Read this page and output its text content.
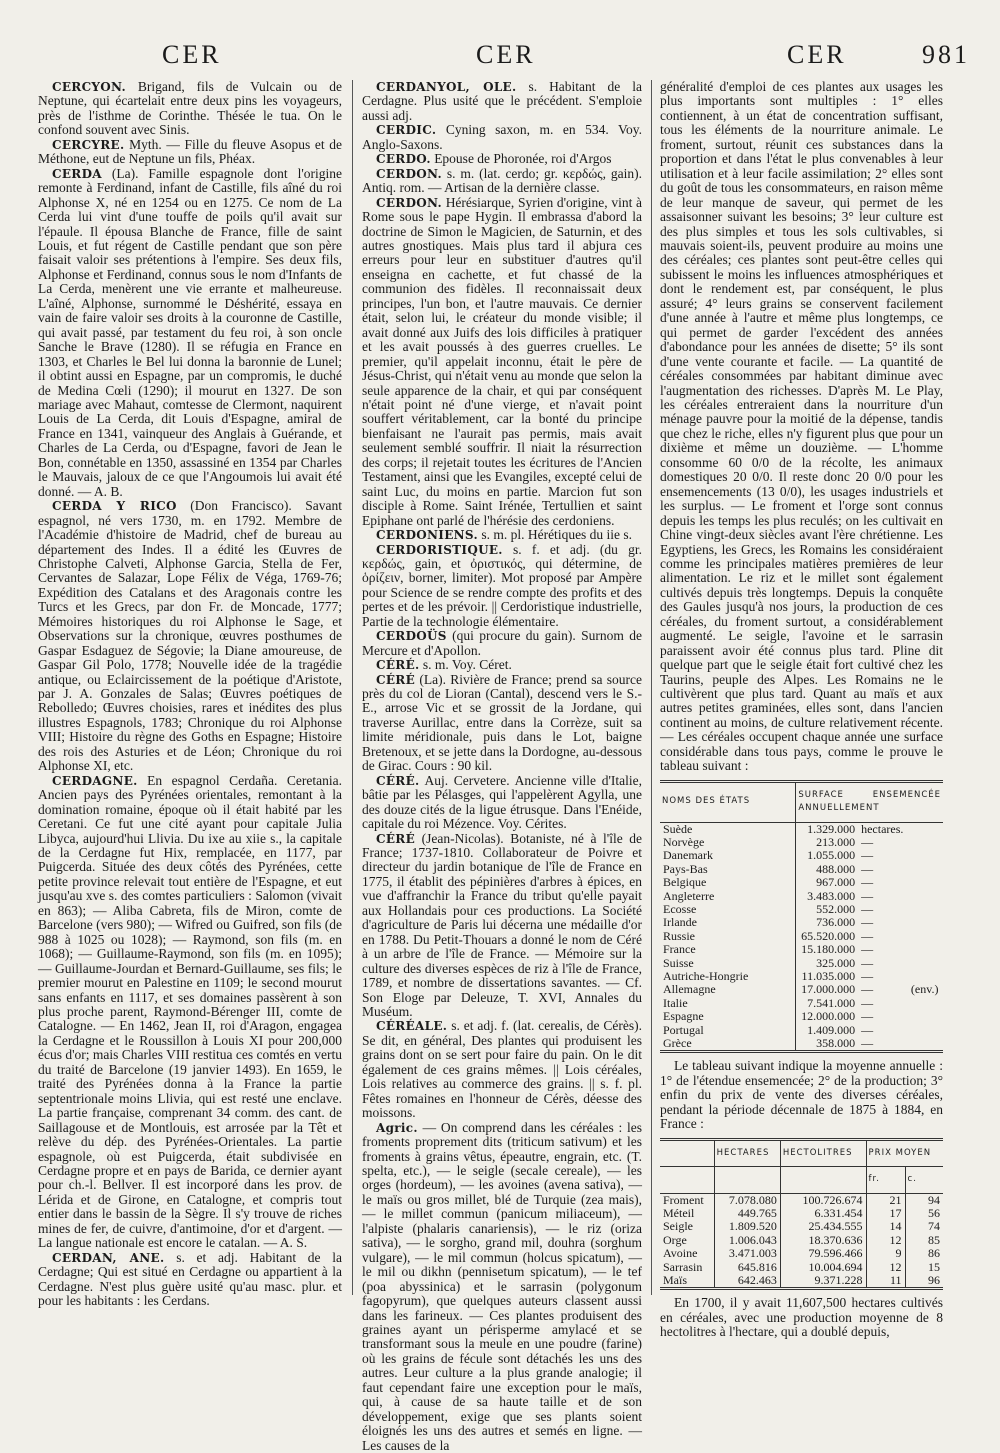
CER	CER	CER	981

CERCYON. Brigand, fils de Vulcain ou de Neptune, qui écartelait entre deux pins les voyageurs, près de l'isthme de Corinthe. Thésée le tua. On le confond souvent avec Sinis.

CERCYRE. Myth. — Fille du fleuve Asopus et de Méthone, eut de Neptune un fils, Phéax.

CERDA (La). Famille espagnole dont l'origine remonte à Ferdinand, infant de Castille, fils aîné du roi Alphonse X, né en 1254 ou en 1275. Ce nom de La Cerda lui vint d'une touffe de poils qu'il avait sur l'épaule. Il épousa Blanche de France, fille de saint Louis, et fut régent de Castille pendant que son père faisait valoir ses prétentions à l'empire. Ses deux fils, Alphonse et Ferdinand, connus sous le nom d'Infants de La Cerda, menèrent une vie errante et malheureuse. L'aîné, Alphonse, surnommé le Déshérité, essaya en vain de faire valoir ses droits à la couronne de Castille, qui avait passé, par testament du feu roi, à son oncle Sanche le Brave (1280). Il se réfugia en France en 1303, et Charles le Bel lui donna la baronnie de Lunel; il obtint aussi en Espagne, par un compromis, le duché de Medina Cœli (1290); il mourut en 1327. De son mariage avec Mahaut, comtesse de Clermont, naquirent Louis de La Cerda, dit Louis d'Espagne, amiral de France en 1341, vainqueur des Anglais à Guérande, et Charles de La Cerda, ou d'Espagne, favori de Jean le Bon, connétable en 1350, assassiné en 1354 par Charles le Mauvais, jaloux de ce que l'Angoumois lui avait été donné. — A. B.

CERDA Y RICO (Don Francisco). Savant espagnol, né vers 1730, m. en 1792. Membre de l'Académie d'histoire de Madrid, chef de bureau au département des Indes. Il a édité les Œuvres de Christophe Calveti, Alphonse Garcia, Stella de Fer, Cervantes de Salazar, Lope Félix de Véga, 1769-76; Expédition des Catalans et des Aragonais contre les Turcs et les Grecs, par don Fr. de Moncade, 1777; Mémoires historiques du roi Alphonse le Sage, et Observations sur la chronique, œuvres posthumes de Gaspar Esdaguez de Ségovie; la Diane amoureuse, de Gaspar Gil Polo, 1778; Nouvelle idée de la tragédie antique, ou Eclaircissement de la poétique d'Aristote, par J. A. Gonzales de Salas; Œuvres poétiques de Rebolledo; Œuvres choisies, rares et inédites des plus illustres Espagnols, 1783; Chronique du roi Alphonse VIII; Histoire du règne des Goths en Espagne; Histoire des rois des Asturies et de Léon; Chronique du roi Alphonse XI, etc.

CERDAGNE. En espagnol Cerdaña. Ceretania. Ancien pays des Pyrénées orientales, remontant à la domination romaine, époque où il était habité par les Ceretani. Ce fut une cité ayant pour capitale Julia Libyca, aujourd'hui Llivia. Du ixe au xiie s., la capitale de la Cerdagne fut Hix, remplacée, en 1177, par Puigcerda. Située des deux côtés des Pyrénées, cette petite province relevait tout entière de l'Espagne, et eut jusqu'au xve s. des comtes particuliers : Salomon (vivait en 863); — Aliba Cabreta, fils de Miron, comte de Barcelone (vers 980); — Wifred ou Guifred, son fils (de 988 à 1025 ou 1028); — Raymond, son fils (m. en 1068); — Guillaume-Raymond, son fils (m. en 1095); — Guillaume-Jourdan et Bernard-Guillaume, ses fils; le premier mourut en Palestine en 1109; le second mourut sans enfants en 1117, et ses domaines passèrent à son plus proche parent, Raymond-Bérenger III, comte de Catalogne. — En 1462, Jean II, roi d'Aragon, engagea la Cerdagne et le Roussillon à Louis XI pour 200,000 écus d'or; mais Charles VIII restitua ces comtés en vertu du traité de Barcelone (19 janvier 1493). En 1659, le traité des Pyrénées donna à la France la partie septentrionale moins Llivia, qui est resté une enclave. La partie française, comprenant 34 comm. des cant. de Saillagouse et de Montlouis, est arrosée par la Têt et relève du dép. des Pyrénées-Orientales. La partie espagnole, où est Puigcerda, était subdivisée en Cerdagne propre et en pays de Barida, ce dernier ayant pour ch.-l. Bellver. Il est incorporé dans les prov. de Lérida et de Girone, en Catalogne, et compris tout entier dans le bassin de la Sègre. Il s'y trouve de riches mines de fer, de cuivre, d'antimoine, d'or et d'argent. — La langue nationale est encore le catalan. — A. S.

CERDAN, ANE. s. et adj. Habitant de la Cerdagne; Qui est situé en Cerdagne ou appartient à la Cerdagne. N'est plus guère usité qu'au masc. plur. et pour les habitants : les Cerdans.

CERDANYOL, OLE. s. Habitant de la Cerdagne. Plus usité que le précédent. S'emploie aussi adj.

CERDIC. Cyning saxon, m. en 534. Voy. Anglo-Saxons.

CERDO. Epouse de Phoronée, roi d'Argos

CERDON. s. m. (lat. cerdo; gr. κερδώς, gain). Antiq. rom. — Artisan de la dernière classe.

CERDON. Hérésiarque, Syrien d'origine, vint à Rome sous le pape Hygin. Il embrassa d'abord la doctrine de Simon le Magicien, de Saturnin, et des autres gnostiques. Mais plus tard il abjura ces erreurs pour leur en substituer d'autres qu'il enseigna en cachette, et fut chassé de la communion des fidèles. Il reconnaissait deux principes, l'un bon, et l'autre mauvais. Ce dernier était, selon lui, le créateur du monde visible; il avait donné aux Juifs des lois difficiles à pratiquer et les avait poussés à des guerres cruelles. Le premier, qu'il appelait inconnu, était le père de Jésus-Christ, qui n'était venu au monde que selon la seule apparence de la chair, et qui par conséquent n'était point né d'une vierge, et n'avait point souffert véritablement, car la bonté du principe bienfaisant ne l'aurait pas permis, mais avait seulement semblé souffrir. Il niait la résurrection des corps; il rejetait toutes les écritures de l'Ancien Testament, ainsi que les Evangiles, excepté celui de saint Luc, du moins en partie. Marcion fut son disciple à Rome. Saint Irénée, Tertullien et saint Epiphane ont parlé de l'hérésie des cerdoniens.

CERDONIENS. s. m. pl. Hérétiques du iie s.

CERDORISTIQUE. s. f. et adj. (du gr. κερδώς, gain, et ὀριστικός, qui détermine, de ὁρίζειν, borner, limiter). Mot proposé par Ampère pour Science de se rendre compte des profits et des pertes et de les prévoir. || Cerdoristique industrielle, Partie de la technologie élémentaire.

CERDOÜS (qui procure du gain). Surnom de Mercure et d'Apollon.

CÉRÉ. s. m. Voy. Céret.

CÉRÉ (La). Rivière de France; prend sa source près du col de Lioran (Cantal), descend vers le S.-E., arrose Vic et se grossit de la Jordane, qui traverse Aurillac, entre dans la Corrèze, suit sa limite méridionale, puis dans le Lot, baigne Bretenoux, et se jette dans la Dordogne, au-dessous de Girac. Cours : 90 kil.

CÉRÉ. Auj. Cervetere. Ancienne ville d'Italie, bâtie par les Pélasges, qui l'appelèrent Agylla, une des douze cités de la ligue étrusque. Dans l'Enéide, capitale du roi Mézence. Voy. Cérites.

CÉRÉ (Jean-Nicolas). Botaniste, né à l'île de France; 1737-1810. Collaborateur de Poivre et directeur du jardin botanique de l'île de France en 1775, il établit des pépinières d'arbres à épices, en vue d'affranchir la France du tribut qu'elle payait aux Hollandais pour ces productions. La Société d'agriculture de Paris lui décerna une médaille d'or en 1788. Du Petit-Thouars a donné le nom de Céré à un arbre de l'île de France. — Mémoire sur la culture des diverses espèces de riz à l'île de France, 1789, et nombre de dissertations savantes. — Cf. Son Eloge par Deleuze, T. XVI, Annales du Muséum.

CÉRÉALE. s. et adj. f. (lat. cerealis, de Cérès). Se dit, en général, Des plantes qui produisent les grains dont on se sert pour faire du pain. On le dit également de ces grains mêmes. || Lois céréales, Lois relatives au commerce des grains. || s. f. pl. Fêtes romaines en l'honneur de Cérès, déesse des moissons.

Agric. — On comprend dans les céréales : les froments proprement dits (triticum sativum) et les froments à grains vêtus, épeautre, engrain, etc. (T. spelta, etc.), — le seigle (secale cereale), — les orges (hordeum), — les avoines (avena sativa), — le maïs ou gros millet, blé de Turquie (zea mais), — le millet commun (panicum miliaceum), — l'alpiste (phalaris canariensis), — le riz (oriza sativa), — le sorgho, grand mil, douhra (sorghum vulgare), — le mil commun (holcus spicatum), — le mil ou dikhn (pennisetum spicatum), — le tef (poa abyssinica) et le sarrasin (polygonum fagopyrum), que quelques auteurs classent aussi dans les farineux. — Ces plantes produisent des graines ayant un périsperme amylacé et se transformant sous la meule en une poudre (farine) où les grains de fécule sont détachés les uns des autres. Leur culture a la plus grande analogie; il faut cependant faire une exception pour le maïs, qui, à cause de sa haute taille et de son développement, exige que ses plants soient éloignés les uns des autres et semés en ligne. — Les causes de la

généralité d'emploi de ces plantes aux usages les plus importants sont multiples : 1° elles contiennent, à un état de concentration suffisant, tous les éléments de la nourriture animale. Le froment, surtout, réunit ces substances dans la proportion et dans l'état le plus convenables à leur utilisation et à leur facile assimilation; 2° elles sont du goût de tous les consommateurs, en raison même de leur manque de saveur, qui permet de les assaisonner suivant les besoins; 3° leur culture est des plus simples et tous les sols cultivables, si mauvais soient-ils, peuvent produire au moins une des céréales; ces plantes sont peut-être celles qui subissent le moins les influences atmosphériques et dont le rendement est, par conséquent, le plus assuré; 4° leurs grains se conservent facilement d'une année à l'autre et même plus longtemps, ce qui permet de garder l'excédent des années d'abondance pour les années de disette; 5° ils sont d'une vente courante et facile. — La quantité de céréales consommées par habitant diminue avec l'augmentation des richesses. D'après M. Le Play, les céréales entreraient dans la nourriture d'un ménage pauvre pour la moitié de la dépense, tandis que chez le riche, elles n'y figurent plus que pour un dixième et même un douzième. — L'homme consomme 60 0/0 de la récolte, les animaux domestiques 20 0/0. Il reste donc 20 0/0 pour les ensemencements (13 0/0), les usages industriels et les surplus. — Le froment et l'orge sont connus depuis les temps les plus reculés; on les cultivait en Chine vingt-deux siècles avant l'ère chrétienne. Les Egyptiens, les Grecs, les Romains les considéraient comme les principales matières premières de leur alimentation. Le riz et le millet sont également cultivés depuis très longtemps. Depuis la conquête des Gaules jusqu'à nos jours, la production de ces céréales, du froment surtout, a considérablement augmenté. Le seigle, l'avoine et le sarrasin paraissent avoir été connus plus tard. Pline dit quelque part que le seigle était fort cultivé chez les Taurins, peuple des Alpes. Les Romains ne le cultivèrent que plus tard. Quant au maïs et aux autres petites graminées, elles sont, dans l'ancien continent au moins, de culture relativement récente. — Les céréales occupent chaque année une surface considérable dans tous pays, comme le prouve le tableau suivant :

NOMS DES ÉTATS	SURFACE ENSEMENCÉE ANNUELLEMENT		
Suède	1.329.000	hectares.	
Norvège	213.000	—	
Danemark	1.055.000	—	
Pays-Bas	488.000	—	
Belgique	967.000	—	
Angleterre	3.483.000	—	
Ecosse	552.000	—	
Irlande	736.000	—	
Russie	65.520.000	—	
France	15.180.000	—	
Suisse	325.000	—	
Autriche-Hongrie	11.035.000	—	
Allemagne	17.000.000	—	(env.)
Italie	7.541.000	—	
Espagne	12.000.000	—	
Portugal	1.409.000	—	
Grèce	358.000	—	

Le tableau suivant indique la moyenne annuelle : 1° de l'étendue ensemencée; 2° de la production; 3° enfin du prix de vente des diverses céréales, pendant la période décennale de 1875 à 1884, en France :

	HECTARES	HECTOLITRES	PRIX MOYEN	
			fr.	c.
Froment	7.078.080	100.726.674	21	94
Méteil	449.765	6.331.454	17	56
Seigle	1.809.520	25.434.555	14	74
Orge	1.006.043	18.370.636	12	85
Avoine	3.471.003	79.596.466	9	86
Sarrasin	645.816	10.004.694	12	15
Maïs	642.463	9.371.228	11	96

En 1700, il y avait 11,607,500 hectares cultivés en céréales, avec une production moyenne de 8 hectolitres à l'hectare, qui a doublé depuis,
